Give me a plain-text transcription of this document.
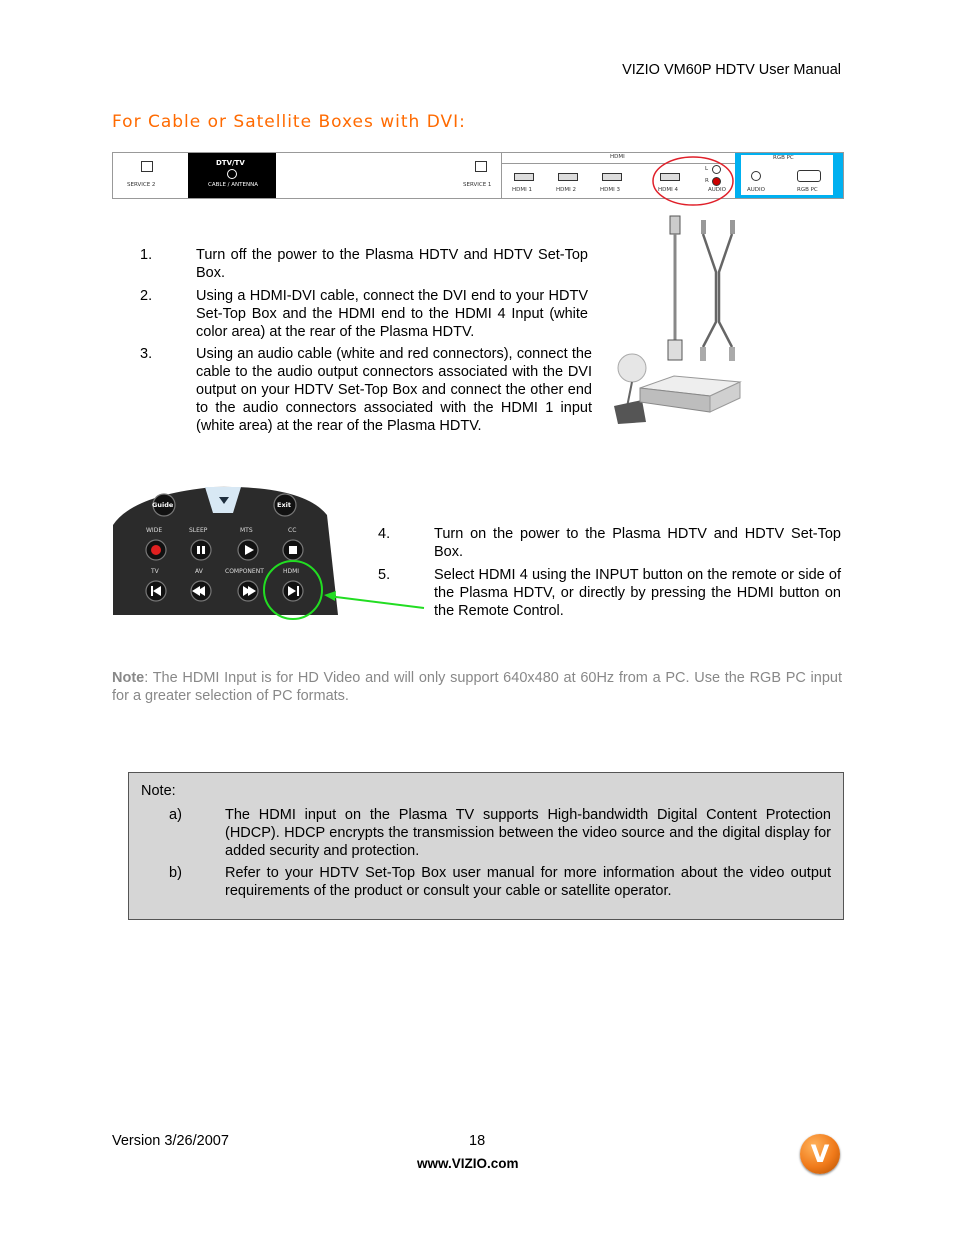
VIZIO VM60P HDTV User Manual
For Cable or Satellite Boxes with DVI:
SERVICE 2
DTV/TV
CABLE / ANTENNA	SERVICE 1
HDMI
HDMI 1	HDMI 2	HDMI 3	HDMI 4
L
R
AUDIO
RGB PC
AUDIO	RGB PC
1.	Turn off the power to the Plasma HDTV and HDTV Set-Top Box.
2.	Using a HDMI-DVI cable, connect the DVI end to your HDTV Set-Top Box and the HDMI end to the HDMI 4 Input (white color area) at the rear of the Plasma HDTV.
3.	Using an audio cable (white and red connectors), connect the cable to the audio output connectors associated with the DVI output on your HDTV Set-Top Box and connect the other end to the audio connectors associated with the HDMI 1 input (white area) at the rear of the Plasma HDTV.
Guide	Exit
WIDE	SLEEP	MTS	CC
TV	AV	COMPONENT	HDMI
4.	Turn on the power to the Plasma HDTV and HDTV Set-Top Box.
5.	Select HDMI 4 using the INPUT button on the remote or side of the Plasma HDTV, or directly by pressing the HDMI button on the Remote Control.
Note: The HDMI Input is for HD Video and will only support 640x480 at 60Hz from a PC. Use the RGB PC input for a greater selection of PC formats.
Note:
a)	The HDMI input on the Plasma TV supports High-bandwidth Digital Content Protection (HDCP). HDCP encrypts the transmission between the video source and the digital display for added security and protection.
b)	Refer to your HDTV Set-Top Box user manual for more information about the video output requirements of the product or consult your cable or satellite operator.
Version 3/26/2007	18
www.VIZIO.com	V
